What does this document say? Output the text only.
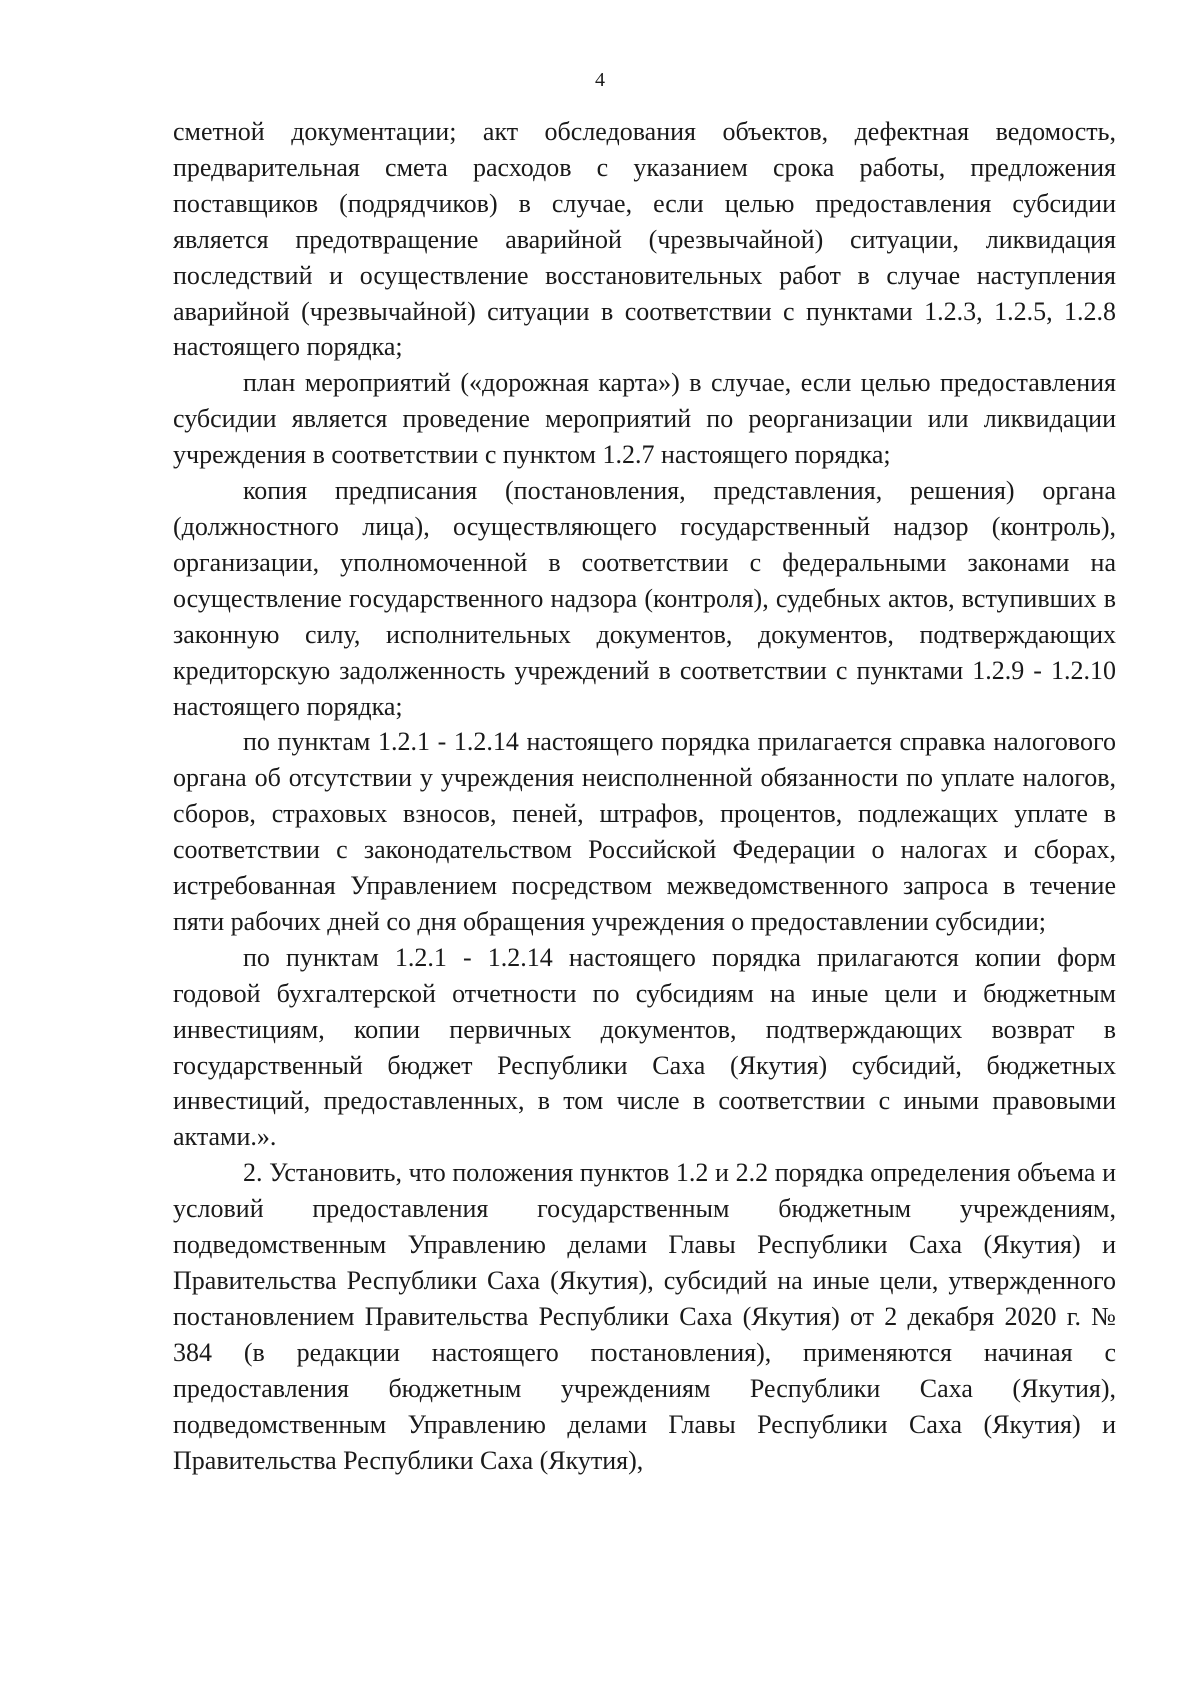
4

сметной документации; акт обследования объектов, дефектная ведомость, предварительная смета расходов с указанием срока работы, предложения поставщиков (подрядчиков) в случае, если целью предоставления субсидии является предотвращение аварийной (чрезвычайной) ситуации, ликвидация последствий и осуществление восстановительных работ в случае наступления аварийной (чрезвычайной) ситуации в соответствии с пунктами 1.2.3, 1.2.5, 1.2.8 настоящего порядка;

план мероприятий («дорожная карта») в случае, если целью предоставления субсидии является проведение мероприятий по реорганизации или ликвидации учреждения в соответствии с пунктом 1.2.7 настоящего порядка;

копия предписания (постановления, представления, решения) органа (должностного лица), осуществляющего государственный надзор (контроль), организации, уполномоченной в соответствии с федеральными законами на осуществление государственного надзора (контроля), судебных актов, вступивших в законную силу, исполнительных документов, документов, подтверждающих кредиторскую задолженность учреждений в соответствии с пунктами 1.2.9 - 1.2.10 настоящего порядка;

по пунктам 1.2.1 - 1.2.14 настоящего порядка прилагается справка налогового органа об отсутствии у учреждения неисполненной обязанности по уплате налогов, сборов, страховых взносов, пеней, штрафов, процентов, подлежащих уплате в соответствии с законодательством Российской Федерации о налогах и сборах, истребованная Управлением посредством межведомственного запроса в течение пяти рабочих дней со дня обращения учреждения о предоставлении субсидии;

по пунктам 1.2.1 - 1.2.14 настоящего порядка прилагаются копии форм годовой бухгалтерской отчетности по субсидиям на иные цели и бюджетным инвестициям, копии первичных документов, подтверждающих возврат в государственный бюджет Республики Саха (Якутия) субсидий, бюджетных инвестиций, предоставленных, в том числе в соответствии с иными правовыми актами.».

2. Установить, что положения пунктов 1.2 и 2.2 порядка определения объема и условий предоставления государственным бюджетным учреждениям, подведомственным Управлению делами Главы Республики Саха (Якутия) и Правительства Республики Саха (Якутия), субсидий на иные цели, утвержденного постановлением Правительства Республики Саха (Якутия) от 2 декабря 2020 г. № 384 (в редакции настоящего постановления), применяются начиная с предоставления бюджетным учреждениям Республики Саха (Якутия), подведомственным Управлению делами Главы Республики Саха (Якутия) и Правительства Республики Саха (Якутия),
